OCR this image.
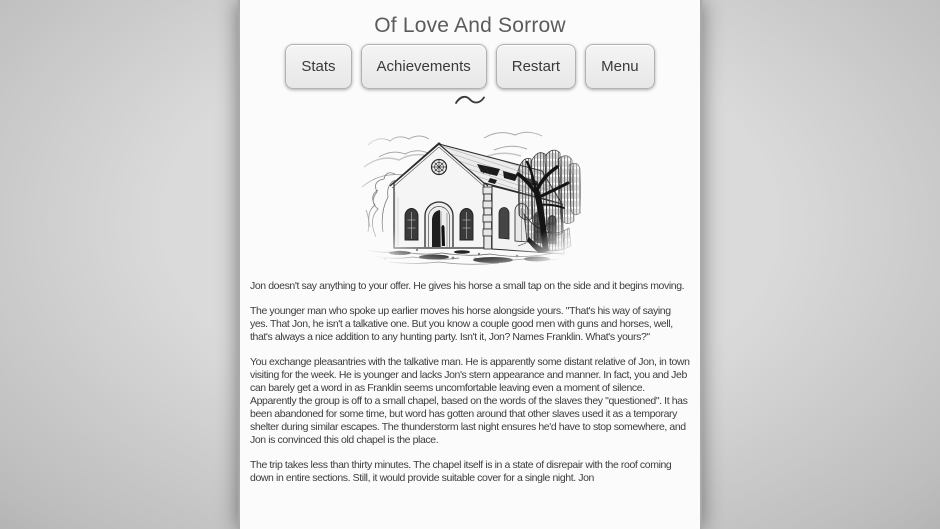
Of Love And Sorrow
Stats	Achievements	Restart	Menu

Jon doesn't say anything to your offer. He gives his horse a small tap on the side and it begins moving.

The younger man who spoke up earlier moves his horse alongside yours. "That's his way of saying yes. That Jon, he isn't a talkative one. But you know a couple good men with guns and horses, well, that's always a nice addition to any hunting party. Isn't it, Jon? Names Franklin. What's yours?"

You exchange pleasantries with the talkative man. He is apparently some distant relative of Jon, in town visiting for the week. He is younger and lacks Jon's stern appearance and manner. In fact, you and Jeb can barely get a word in as Franklin seems uncomfortable leaving even a moment of silence. Apparently the group is off to a small chapel, based on the words of the slaves they "questioned". It has been abandoned for some time, but word has gotten around that other slaves used it as a temporary shelter during similar escapes. The thunderstorm last night ensures he'd have to stop somewhere, and Jon is convinced this old chapel is the place.

The trip takes less than thirty minutes. The chapel itself is in a state of disrepair with the roof coming down in entire sections. Still, it would provide suitable cover for a single night. Jon
